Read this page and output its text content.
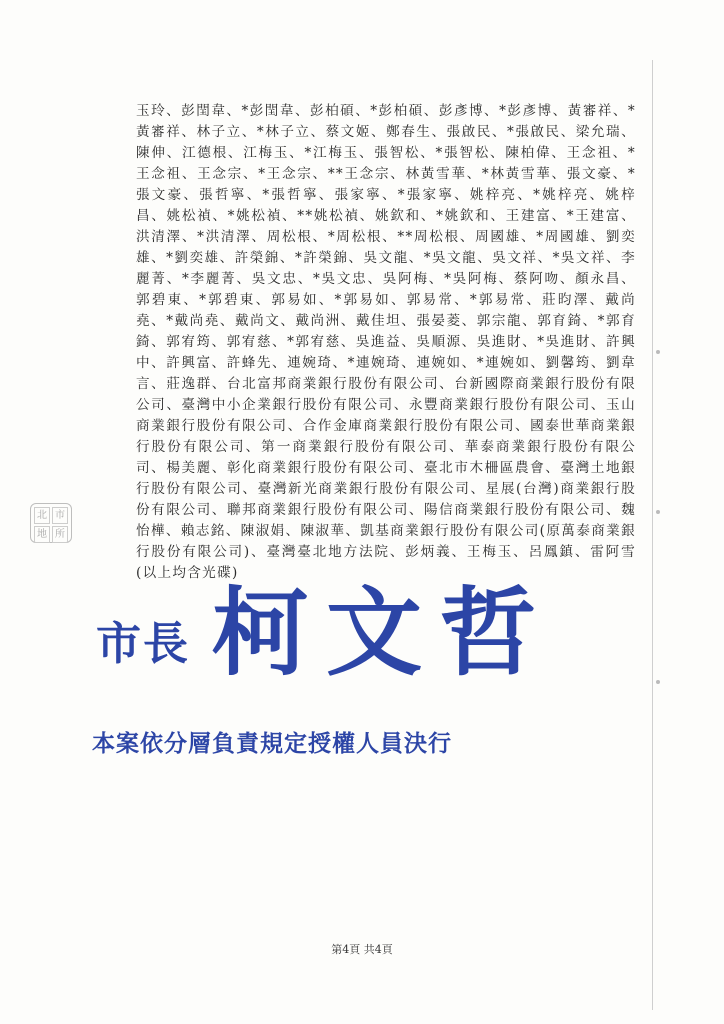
玉玲、彭閏韋、*彭閏韋、彭柏碩、*彭柏碩、彭彥博、*彭彥博、黃審祥、*黃審祥、林子立、*林子立、蔡文姬、鄭春生、張啟民、*張啟民、梁允瑞、陳伸、江德根、江梅玉、*江梅玉、張智松、*張智松、陳柏偉、王念祖、*王念祖、王念宗、*王念宗、**王念宗、林黃雪華、*林黃雪華、張文豪、*張文豪、張哲寧、*張哲寧、張家寧、*張家寧、姚梓亮、*姚梓亮、姚梓昌、姚松禎、*姚松禎、**姚松禎、姚欽和、*姚欽和、王建富、*王建富、洪清澤、*洪清澤、周松根、*周松根、**周松根、周國雄、*周國雄、劉奕雄、*劉奕雄、許榮錦、*許榮錦、吳文龍、*吳文龍、吳文祥、*吳文祥、李麗菁、*李麗菁、吳文忠、*吳文忠、吳阿梅、*吳阿梅、蔡阿吻、顏永昌、郭碧東、*郭碧東、郭易如、*郭易如、郭易常、*郭易常、莊昀澤、戴尚堯、*戴尚堯、戴尚文、戴尚洲、戴佳坦、張晏菱、郭宗龍、郭育錡、*郭育錡、郭宥筠、郭宥慈、*郭宥慈、吳進益、吳順源、吳進財、*吳進財、許興中、許興富、許蜂先、連婉琦、*連婉琦、連婉如、*連婉如、劉馨筠、劉韋言、莊逸群、台北富邦商業銀行股份有限公司、台新國際商業銀行股份有限公司、臺灣中小企業銀行股份有限公司、永豐商業銀行股份有限公司、玉山商業銀行股份有限公司、合作金庫商業銀行股份有限公司、國泰世華商業銀行股份有限公司、第一商業銀行股份有限公司、華泰商業銀行股份有限公司、楊美麗、彰化商業銀行股份有限公司、臺北市木柵區農會、臺灣土地銀行股份有限公司、臺灣新光商業銀行股份有限公司、星展(台灣)商業銀行股份有限公司、聯邦商業銀行股份有限公司、陽信商業銀行股份有限公司、魏怡樺、賴志銘、陳淑娟、陳淑華、凱基商業銀行股份有限公司(原萬泰商業銀行股份有限公司)、臺灣臺北地方法院、彭炳義、王梅玉、呂鳳鎮、雷阿雪(以上均含光碟)

北 市
地 所
市長 柯文哲
本案依分層負責規定授權人員決行
第4頁 共4頁
